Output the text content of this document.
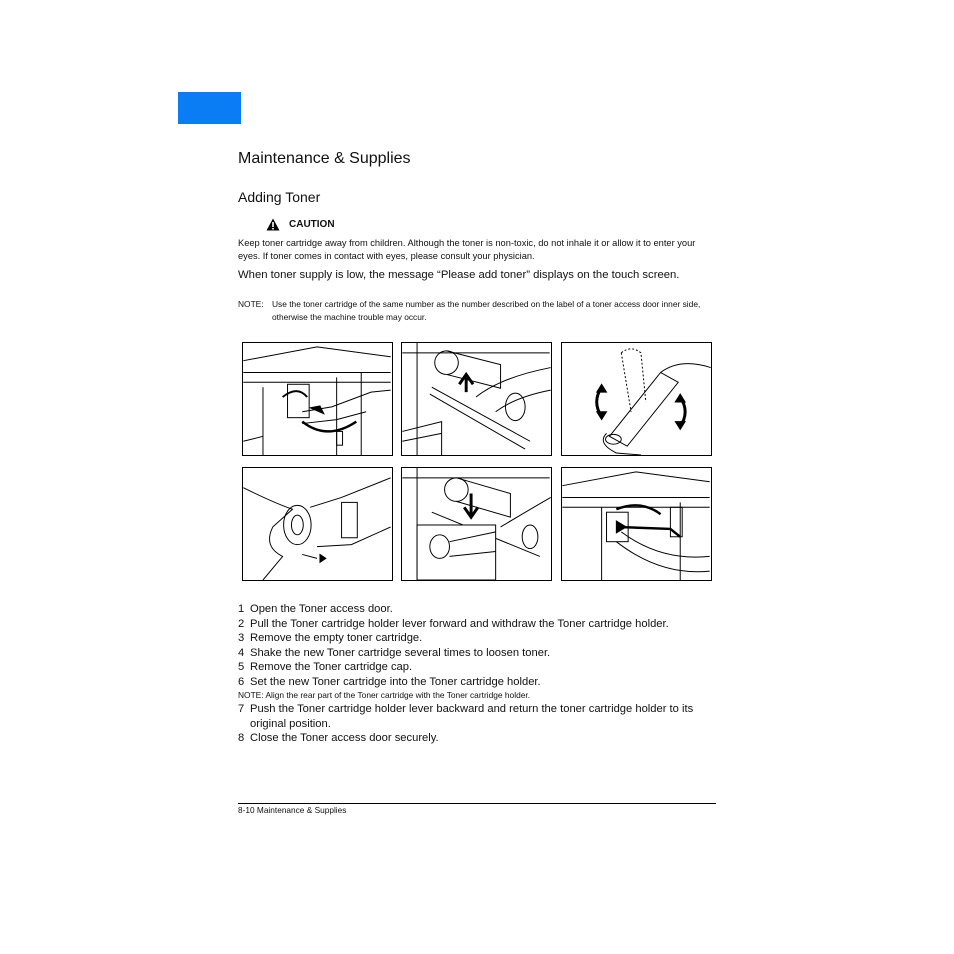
Maintenance & Supplies
Adding Toner
CAUTION
Keep toner cartridge away from children. Although the toner is non-toxic, do not inhale it or allow it to enter your eyes. If toner comes in contact with eyes, please consult your physician.
When toner supply is low, the message “Please add toner” displays on the touch screen.
NOTE:	Use the toner cartridge of the same number as the number described on the label of a toner access door inner side, otherwise the machine trouble may occur.
1 Open the Toner access door.
2 Pull the Toner cartridge holder lever forward and withdraw the Toner cartridge holder.
3 Remove the empty toner cartridge.
4 Shake the new Toner cartridge several times to loosen toner.
5 Remove the Toner cartridge cap.
6 Set the new Toner cartridge into the Toner cartridge holder.
NOTE: Align the rear part of the Toner cartridge with the Toner cartridge holder.
7 Push the Toner cartridge holder lever backward and return the toner cartridge holder to its original position.
8 Close the Toner access door securely.
8-10 Maintenance & Supplies
